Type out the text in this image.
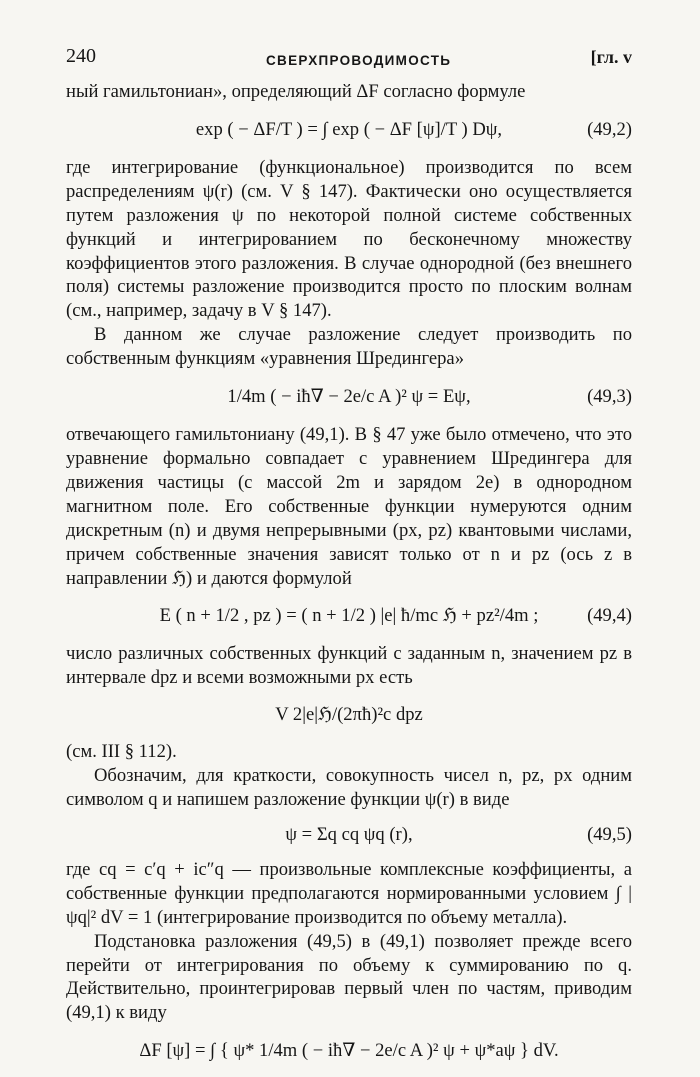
240	СВЕРХПРОВОДИМОСТЬ	[гл. v

ный гамильтониан», определяющий ΔF согласно формуле

exp ( − ΔF/T ) = ∫ exp ( − ΔF [ψ]/T ) Dψ,	(49,2)

где интегрирование (функциональное) производится по всем распределениям ψ(r) (см. V § 147). Фактически оно осуществляется путем разложения ψ по некоторой полной системе собственных функций и интегрированием по бесконечному множеству коэффициентов этого разложения. В случае однородной (без внешнего поля) системы разложение производится просто по плоским волнам (см., например, задачу в V § 147).

В данном же случае разложение следует производить по собственным функциям «уравнения Шредингера»

1/4m ( − iħ∇ − 2e/c A )² ψ = Eψ,	(49,3)

отвечающего гамильтониану (49,1). В § 47 уже было отмечено, что это уравнение формально совпадает с уравнением Шредингера для движения частицы (с массой 2m и зарядом 2e) в однородном магнитном поле. Его собственные функции нумеруются одним дискретным (n) и двумя непрерывными (px, pz) квантовыми числами, причем собственные значения зависят только от n и pz (ось z в направлении ℌ) и даются формулой

E ( n + 1/2 , pz ) = ( n + 1/2 ) |e| ħ/mc ℌ + pz²/4m ;	(49,4)

число различных собственных функций с заданным n, значением pz в интервале dpz и всеми возможными px есть

V 2|e|ℌ/(2πħ)²c dpz

(см. III § 112).

Обозначим, для краткости, совокупность чисел n, pz, px одним символом q и напишем разложение функции ψ(r) в виде

ψ = Σq cq ψq (r),	(49,5)

где cq = c′q + ic″q — произвольные комплексные коэффициенты, а собственные функции предполагаются нормированными условием ∫ |ψq|² dV = 1 (интегрирование производится по объему металла).

Подстановка разложения (49,5) в (49,1) позволяет прежде всего перейти от интегрирования по объему к суммированию по q. Действительно, проинтегрировав первый член по частям, приводим (49,1) к виду

ΔF [ψ] = ∫ { ψ* 1/4m ( − iħ∇ − 2e/c A )² ψ + ψ*aψ } dV.
